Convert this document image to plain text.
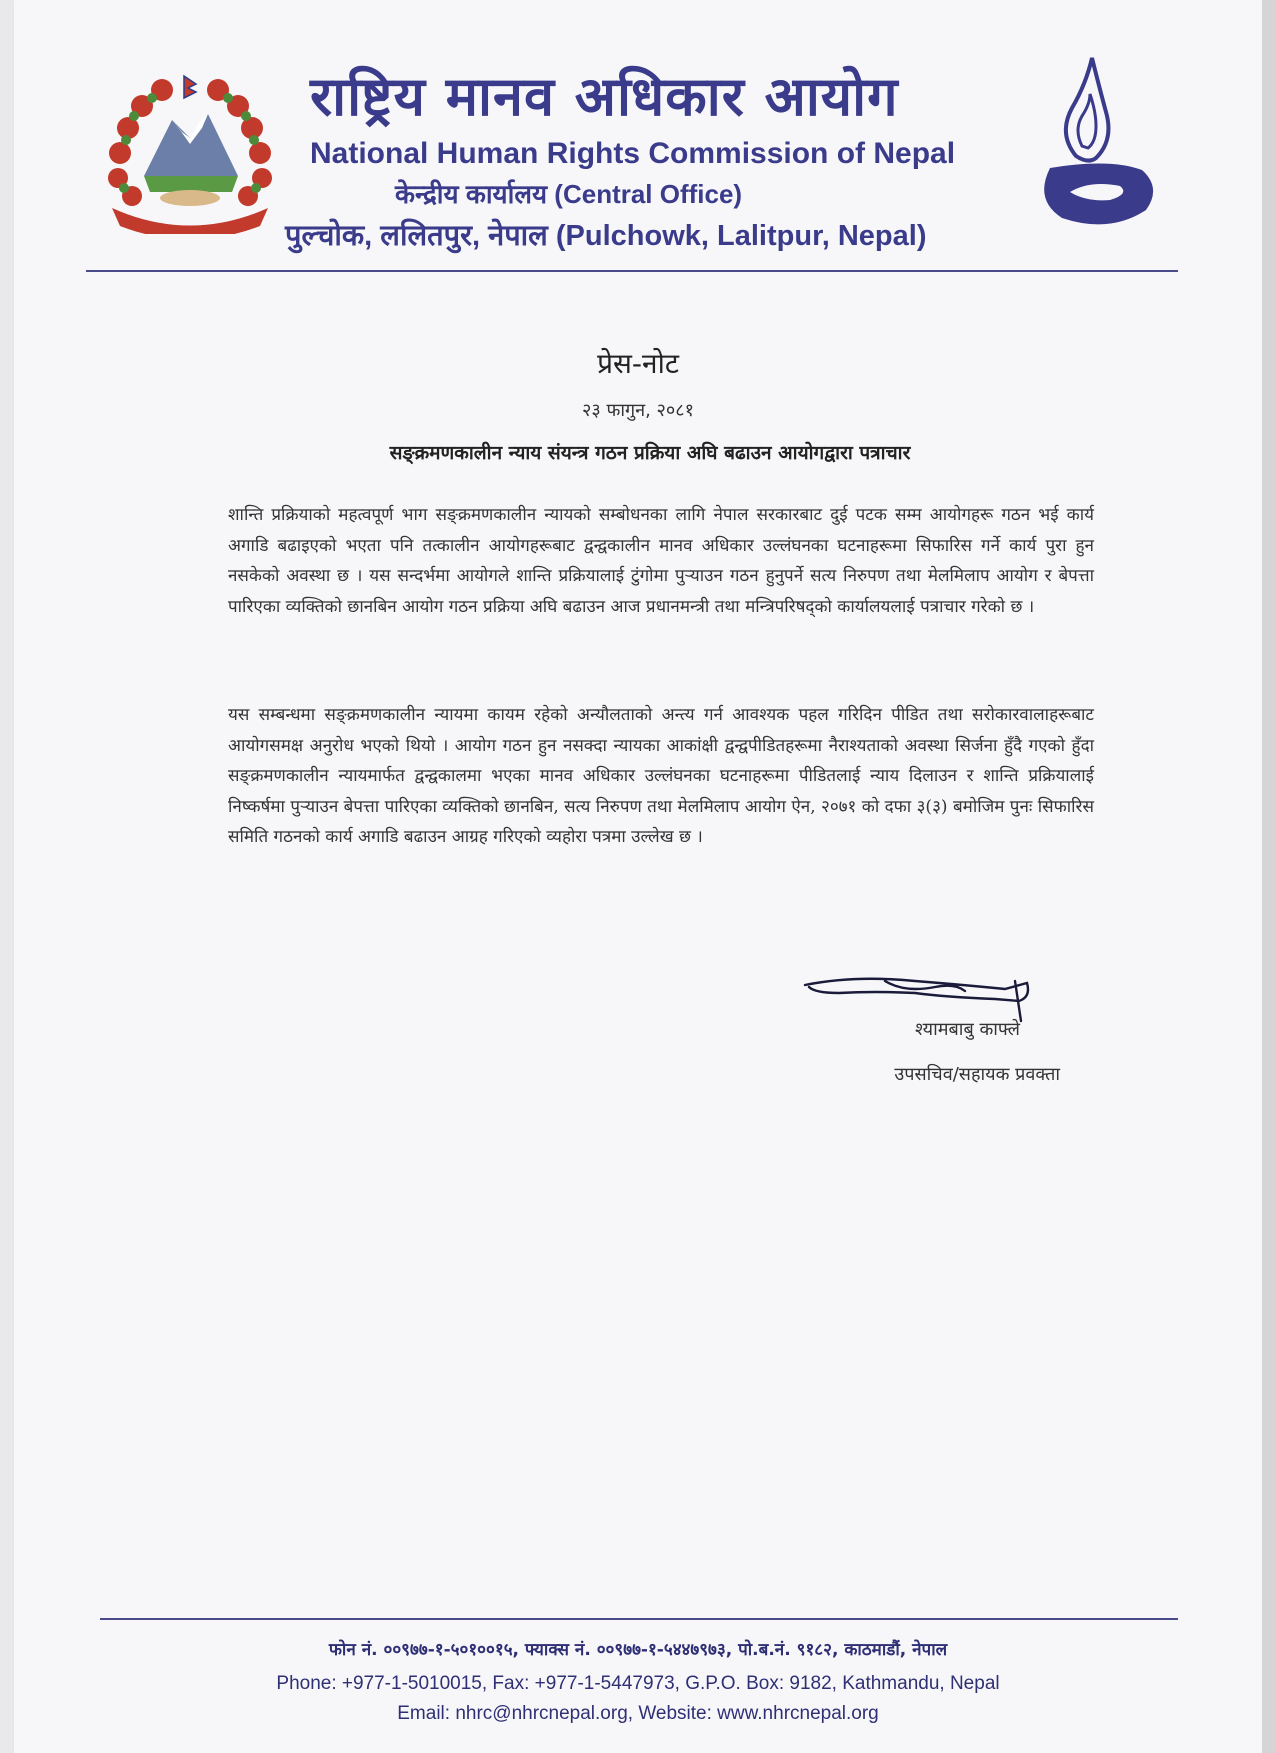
राष्ट्रिय मानव अधिकार आयोग
National Human Rights Commission of Nepal
केन्द्रीय कार्यालय (Central Office)
पुल्चोक, ललितपुर, नेपाल (Pulchowk, Lalitpur, Nepal)
प्रेस-नोट
२३ फागुन, २०८१
सङ्क्रमणकालीन न्याय संयन्त्र गठन प्रक्रिया अघि बढाउन आयोगद्वारा पत्राचार

शान्ति प्रक्रियाको महत्वपूर्ण भाग सङ्क्रमणकालीन न्यायको सम्बोधनका लागि नेपाल सरकारबाट दुई पटक सम्म आयोगहरू गठन भई कार्य अगाडि बढाइएको भएता पनि तत्कालीन आयोगहरूबाट द्वन्द्वकालीन मानव अधिकार उल्लंघनका घटनाहरूमा सिफारिस गर्ने कार्य पुरा हुन नसकेको अवस्था छ । यस सन्दर्भमा आयोगले शान्ति प्रक्रियालाई टुंगोमा पुऱ्याउन गठन हुनुपर्ने सत्य निरुपण तथा मेलमिलाप आयोग र बेपत्ता पारिएका व्यक्तिको छानबिन आयोग गठन प्रक्रिया अघि बढाउन आज प्रधानमन्त्री तथा मन्त्रिपरिषद्को कार्यालयलाई पत्राचार गरेको छ ।

यस सम्बन्धमा सङ्क्रमणकालीन न्यायमा कायम रहेको अन्यौलताको अन्त्य गर्न आवश्यक पहल गरिदिन पीडित तथा सरोकारवालाहरूबाट आयोगसमक्ष अनुरोध भएको थियो । आयोग गठन हुन नसक्दा न्यायका आकांक्षी द्वन्द्वपीडितहरूमा नैराश्यताको अवस्था सिर्जना हुँदै गएको हुँदा सङ्क्रमणकालीन न्यायमार्फत द्वन्द्वकालमा भएका मानव अधिकार उल्लंघनका घटनाहरूमा पीडितलाई न्याय दिलाउन र शान्ति प्रक्रियालाई निष्कर्षमा पुऱ्याउन बेपत्ता पारिएका व्यक्तिको छानबिन, सत्य निरुपण तथा मेलमिलाप आयोग ऐन, २०७१ को दफा ३(३) बमोजिम पुनः सिफारिस समिति गठनको कार्य अगाडि बढाउन आग्रह गरिएको व्यहोरा पत्रमा उल्लेख छ ।

श्यामबाबु काफ्ले
उपसचिव/सहायक प्रवक्ता
फोन नं. ००९७७-१-५०१००१५, फ्याक्स नं. ००९७७-१-५४४७९७३, पो.ब.नं. ९१८२, काठमाडौं, नेपाल
Phone: +977-1-5010015, Fax: +977-1-5447973, G.P.O. Box: 9182, Kathmandu, Nepal
Email: nhrc@nhrcnepal.org, Website: www.nhrcnepal.org
